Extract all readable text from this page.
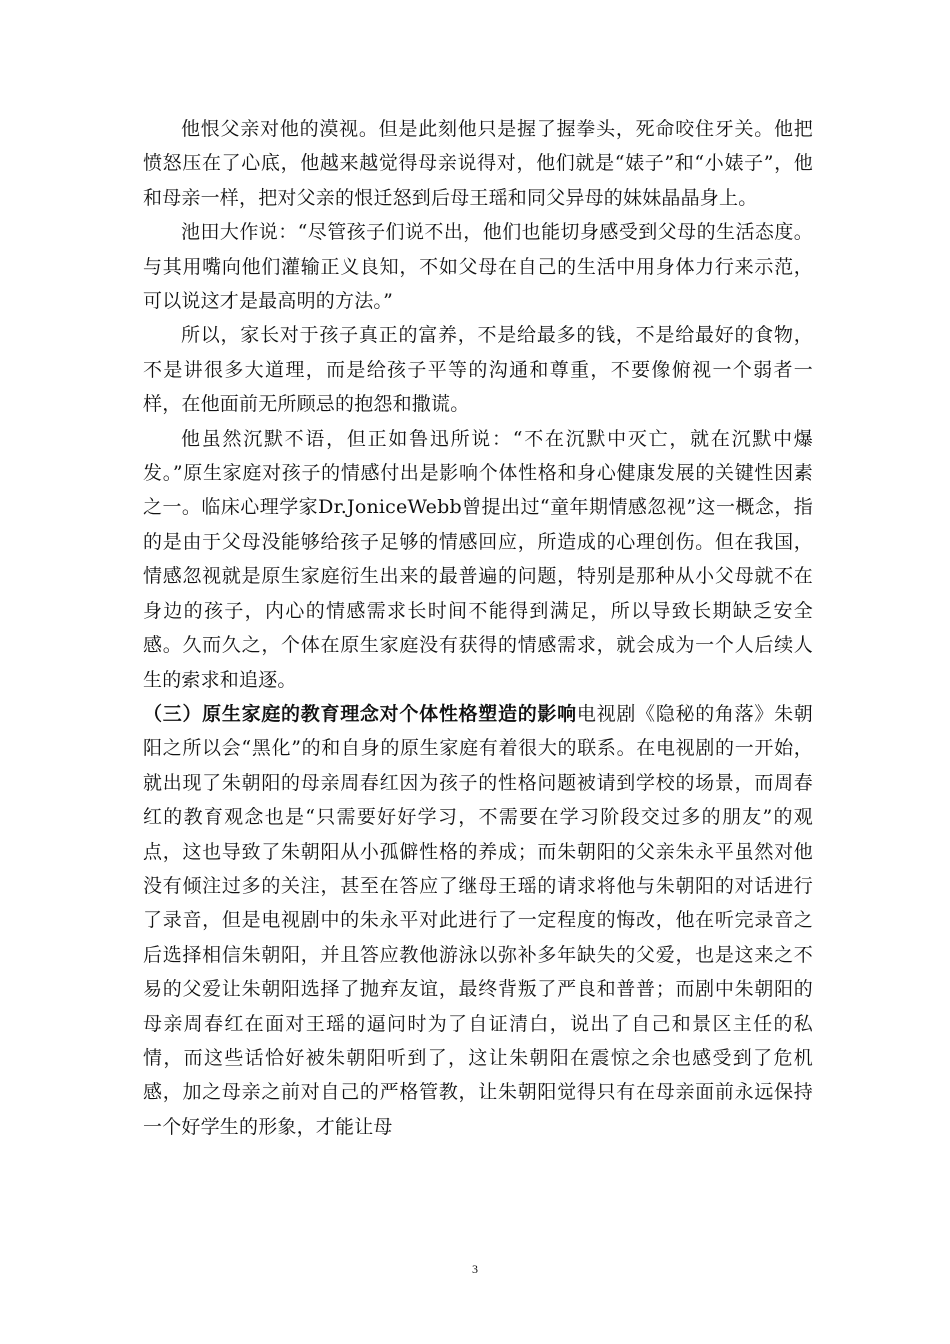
他恨父亲对他的漠视。但是此刻他只是握了握拳头，死命咬住牙关。他把愤怒压在了心底，他越来越觉得母亲说得对，他们就是“婊子”和“小婊子”，他和母亲一样，把对父亲的恨迁怒到后母王瑶和同父异母的妹妹晶晶身上。

池田大作说：“尽管孩子们说不出，他们也能切身感受到父母的生活态度。与其用嘴向他们灌输正义良知，不如父母在自己的生活中用身体力行来示范，可以说这才是最高明的方法。”

所以，家长对于孩子真正的富养，不是给最多的钱，不是给最好的食物，不是讲很多大道理，而是给孩子平等的沟通和尊重，不要像俯视一个弱者一样，在他面前无所顾忌的抱怨和撒谎。

他虽然沉默不语，但正如鲁迅所说：“不在沉默中灭亡，就在沉默中爆发。”原生家庭对孩子的情感付出是影响个体性格和身心健康发展的关键性因素之一。临床心理学家Dr.JoniceWebb曾提出过“童年期情感忽视”这一概念，指的是由于父母没能够给孩子足够的情感回应，所造成的心理创伤。但在我国，情感忽视就是原生家庭衍生出来的最普遍的问题，特别是那种从小父母就不在身边的孩子，内心的情感需求长时间不能得到满足，所以导致长期缺乏安全感。久而久之，个体在原生家庭没有获得的情感需求，就会成为一个人后续人生的索求和追逐。

（三）原生家庭的教育理念对个体性格塑造的影响电视剧《隐秘的角落》朱朝阳之所以会“黑化”的和自身的原生家庭有着很大的联系。在电视剧的一开始，就出现了朱朝阳的母亲周春红因为孩子的性格问题被请到学校的场景，而周春红的教育观念也是“只需要好好学习，不需要在学习阶段交过多的朋友”的观点，这也导致了朱朝阳从小孤僻性格的养成；而朱朝阳的父亲朱永平虽然对他没有倾注过多的关注，甚至在答应了继母王瑶的请求将他与朱朝阳的对话进行了录音，但是电视剧中的朱永平对此进行了一定程度的悔改，他在听完录音之后选择相信朱朝阳，并且答应教他游泳以弥补多年缺失的父爱，也是这来之不易的父爱让朱朝阳选择了抛弃友谊，最终背叛了严良和普普；而剧中朱朝阳的母亲周春红在面对王瑶的逼问时为了自证清白，说出了自己和景区主任的私情，而这些话恰好被朱朝阳听到了，这让朱朝阳在震惊之余也感受到了危机感，加之母亲之前对自己的严格管教，让朱朝阳觉得只有在母亲面前永远保持一个好学生的形象，才能让母

3
